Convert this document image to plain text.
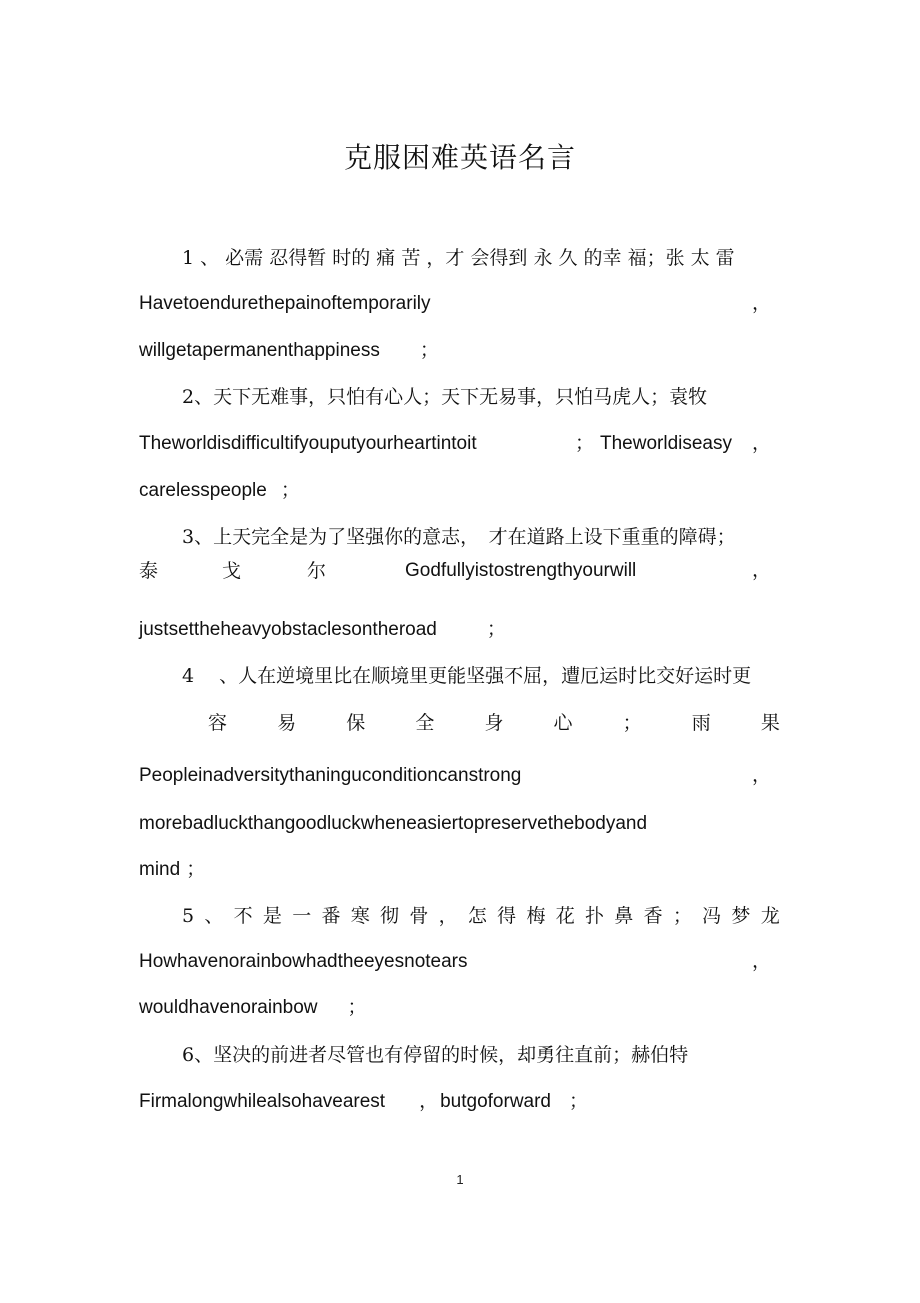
克服困难英语名言
1 、 必需 忍得暂 时的 痛 苦 ，才 会得到 永 久 的幸 福；张 太 雷
Havetoendurethepainoftemporarily	，
willgetapermanenthappiness ；
2、天下无难事，只怕有心人；天下无易事，只怕马虎人；袁牧
Theworldisdifficultifyouputyourheartintoit	； Theworldiseasy ，
carelesspeople ；
3、上天完全是为了坚强你的意志，　才在道路上设下重重的障碍；
泰	戈	尔	Godfullyistostrengthyourwill	，
justsettheheavyobstaclesontheroad	；
4 　、人在逆境里比在顺境里更能坚强不屈，遭厄运时比交好运时更
容	易	保	全	身	心	；	雨	果
Peopleinadversitythaninguconditioncanstrong	，
morebadluckthangoodluckwheneasiertopreservethebodyand
mind ；
5 、 不 是 一 番 寒 彻 骨 ， 怎 得 梅 花 扑 鼻 香 ； 冯 梦 龙
Howhavenorainbowhadtheeyesnotears	，
wouldhavenorainbow ；
6、坚决的前进者尽管也有停留的时候，却勇往直前；赫伯特
Firmalongwhilealsohavearest ， butgoforward ；
1
